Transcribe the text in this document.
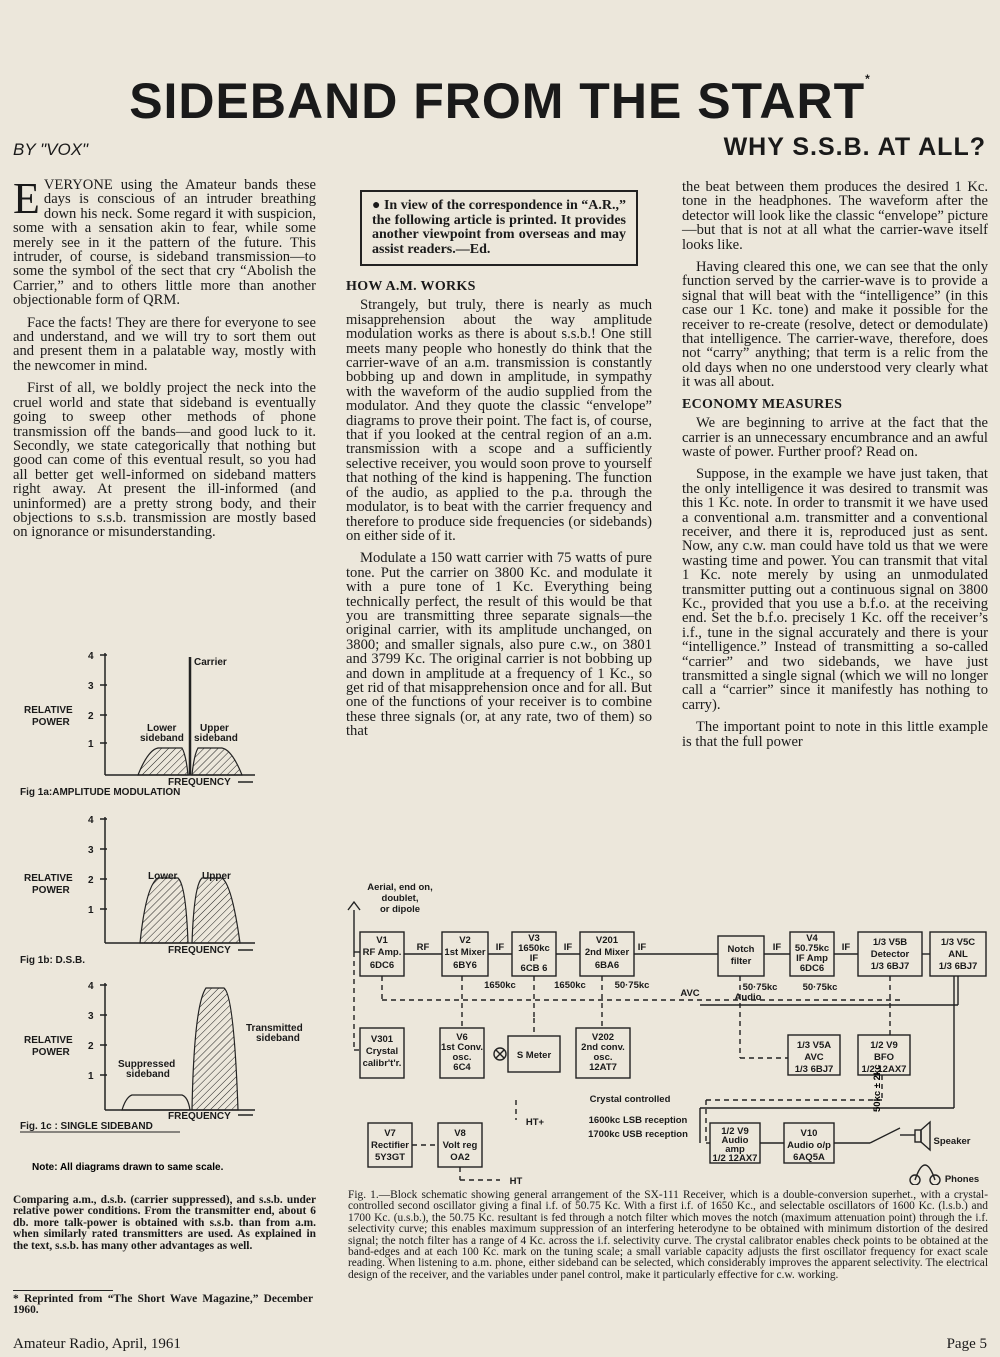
SIDEBAND FROM THE START*
BY "VOX"	WHY S.S.B. AT ALL?

EVERYONE using the Amateur bands these days is conscious of an intruder breathing down his neck. Some regard it with suspicion, some with a sensation akin to fear, while some merely see in it the pattern of the future. This intruder, of course, is sideband transmission—to some the symbol of the sect that cry “Abolish the Carrier,” and to others little more than another objectionable form of QRM.

Face the facts! They are there for everyone to see and understand, and we will try to sort them out and present them in a palatable way, mostly with the newcomer in mind.

First of all, we boldly project the neck into the cruel world and state that sideband is eventually going to sweep other methods of phone transmission off the bands—and good luck to it. Secondly, we state categorically that nothing but good can come of this eventual result, so you had all better get well-informed on sideband matters right away. At present the ill-informed (and uninformed) are a pretty strong body, and their objections to s.s.b. transmission are mostly based on ignorance or misunderstanding.

● In view of the correspondence in “A.R.,” the following article is printed. It provides another viewpoint from overseas and may assist readers.—Ed.
HOW A.M. WORKS

Strangely, but truly, there is nearly as much misapprehension about the way amplitude modulation works as there is about s.s.b.! One still meets many people who honestly do think that the carrier-wave of an a.m. transmission is constantly bobbing up and down in amplitude, in sympathy with the waveform of the audio supplied from the modulator. And they quote the classic “envelope” diagrams to prove their point. The fact is, of course, that if you looked at the central region of an a.m. transmission with a scope and a sufficiently selective receiver, you would soon prove to yourself that nothing of the kind is happening. The function of the audio, as applied to the p.a. through the modulator, is to beat with the carrier frequency and therefore to produce side frequencies (or sidebands) on either side of it.

Modulate a 150 watt carrier with 75 watts of pure tone. Put the carrier on 3800 Kc. and modulate it with a pure tone of 1 Kc. Everything being technically perfect, the result of this would be that you are transmitting three separate signals—the original carrier, with its amplitude unchanged, on 3800; and smaller signals, also pure c.w., on 3801 and 3799 Kc. The original carrier is not bobbing up and down in amplitude at a frequency of 1 Kc., so get rid of that misapprehension once and for all. But one of the functions of your receiver is to combine these three signals (or, at any rate, two of them) so that

the beat between them produces the desired 1 Kc. tone in the headphones. The waveform after the detector will look like the classic “envelope” picture—but that is not at all what the carrier-wave itself looks like.

Having cleared this one, we can see that the only function served by the carrier-wave is to provide a signal that will beat with the “intelligence” (in this case our 1 Kc. tone) and make it possible for the receiver to re-create (resolve, detect or demodulate) that intelligence. The carrier-wave, therefore, does not “carry” anything; that term is a relic from the old days when no one understood very clearly what it was all about.

ECONOMY MEASURES

We are beginning to arrive at the fact that the carrier is an unnecessary encumbrance and an awful waste of power. Further proof? Read on.

Suppose, in the example we have just taken, that the only intelligence it was desired to transmit was this 1 Kc. note. In order to transmit it we have used a conventional a.m. transmitter and a conventional receiver, and there it is, reproduced just as sent. Now, any c.w. man could have told us that we were wasting time and power. You can transmit that vital 1 Kc. note merely by using an unmodulated transmitter putting out a continuous signal on 3800 Kc., provided that you use a b.f.o. at the receiving end. Set the b.f.o. precisely 1 Kc. off the receiver’s i.f., tune in the signal accurately and there is your “intelligence.” Instead of transmitting a so-called “carrier” and two sidebands, we have just transmitted a single signal (which we will no longer call a “carrier” since it manifestly has nothing to carry).

The important point to note in this little example is that the full power

4
3
2
1
RELATIVE
POWER
Carrier
Lower
sideband
Upper
sideband
FREQUENCY
Fig 1a:AMPLITUDE MODULATION
4
3
2
1
RELATIVE
POWER
Lower Upper
FREQUENCY
Fig 1b: D.S.B.
4
3
2
1
RELATIVE
POWER
Transmitted
sideband
Suppressed
sideband
FREQUENCY
Fig. 1c : SINGLE SIDEBAND
Note: All diagrams drawn to same scale.
Comparing a.m., d.s.b. (carrier suppressed), and s.s.b. under relative power conditions. From the transmitter end, about 6 db. more talk-power is obtained with s.s.b. than from a.m. when similarly rated transmitters are used. As explained in the text, s.s.b. has many other advantages as well.
* Reprinted from “The Short Wave Magazine,” December 1960.
Aerial, end on,
doublet,
or dipole
V1
RF Amp.
6DC6
RF
V2
1st Mixer
6BY6
IF
V3
1650kc
IF
6CB 6
IF
V201
2nd Mixer
6BA6
IF	Notch
filter
IF
V4
50.75kc
IF Amp
6DC6
IF 1/3 V5B
Detector
1/3 6BJ7
1/3 V5C
ANL
1/3 6BJ7
1650kc	1650kc	50·75kc	50·75kc	50·75kc
AVC
V301
Crystal
calibr't'r.
V6
1st Conv.
osc.
6C4
S Meter
V202
2nd conv.
osc.
12AT7
1/3 V5A
AVC
1/3 6BJ7
1/2 V9
BFO
1/2 12AX7
Crystal controlled
1600kc LSB reception
1700kc USB reception
HT+
Audio
V7
Rectifier
5Y3GT
V8
Volt reg
OA2
HT
1/2 V9
Audio
amp
1/2 12AX7
V10
Audio o/p
6AQ5A
Speaker
Phones
50kc ± 2kc
Fig. 1.—Block schematic showing general arrangement of the SX-111 Receiver, which is a double-conversion superhet., with a crystal-controlled second oscillator giving a final i.f. of 50.75 Kc. With a first i.f. of 1650 Kc., and selectable oscillators of 1600 Kc. (l.s.b.) and 1700 Kc. (u.s.b.), the 50.75 Kc. resultant is fed through a notch filter which moves the notch (maximum attenuation point) through the i.f. selectivity curve; this enables maximum suppression of an interfering heterodyne to be obtained with minimum distortion of the desired signal; the notch filter has a range of 4 Kc. across the i.f. selectivity curve. The crystal calibrator enables check points to be obtained at the band-edges and at each 100 Kc. mark on the tuning scale; a small variable capacity adjusts the first oscillator frequency for exact scale reading. When listening to a.m. phone, either sideband can be selected, which considerably improves the apparent selectivity. The electrical design of the receiver, and the variables under panel control, make it particularly effective for c.w. working.
Amateur Radio, April, 1961	Page 5
